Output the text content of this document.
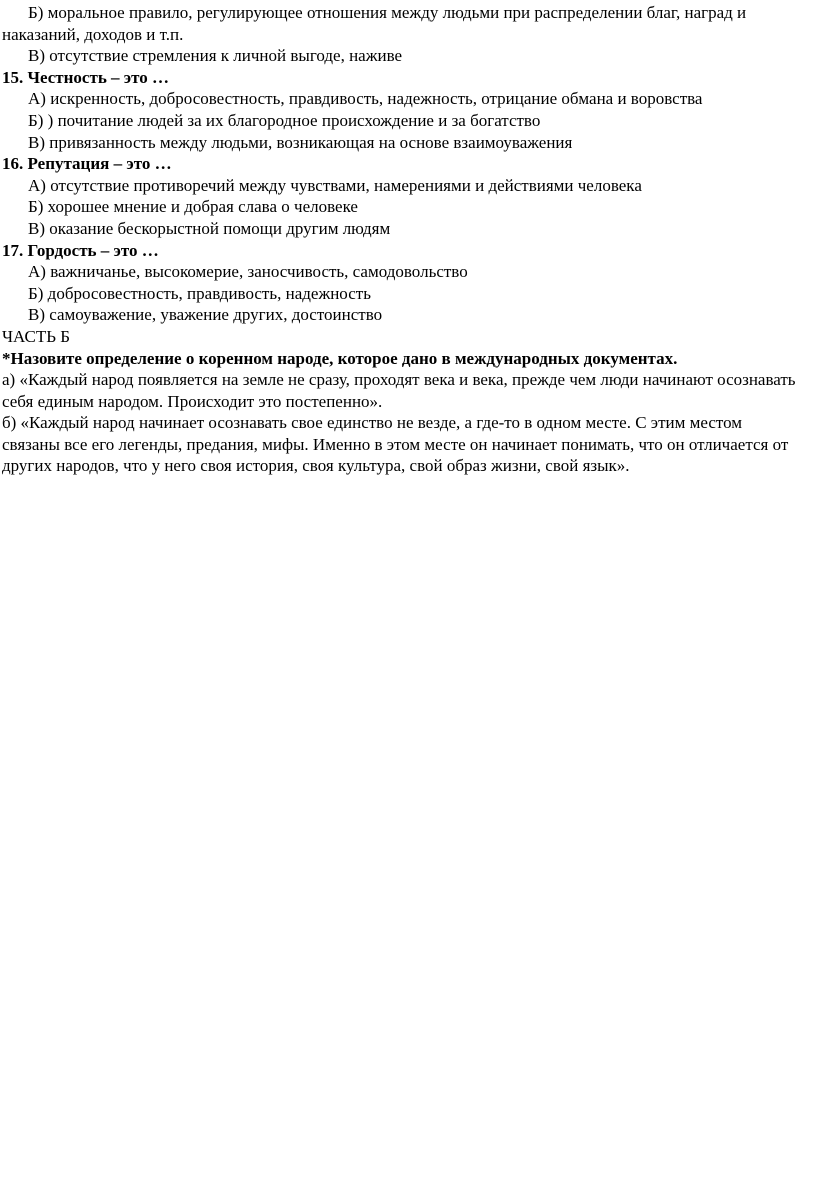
Б) моральное правило, регулирующее отношения между людьми при распределении благ, наград и наказаний, доходов и т.п.

В) отсутствие стремления к личной выгоде, наживе

15. Честность – это …

А) искренность, добросовестность, правдивость, надежность, отрицание обмана и воровства

Б) ) почитание людей за их благородное происхождение и за богатство

В) привязанность между людьми, возникающая на основе взаимоуважения

16. Репутация – это …

А) отсутствие противоречий между чувствами, намерениями и действиями человека

Б) хорошее мнение и добрая слава о человеке

В) оказание бескорыстной помощи другим людям

17. Гордость – это …

А) важничанье, высокомерие, заносчивость, самодовольство

Б) добросовестность, правдивость, надежность

В) самоуважение, уважение других, достоинство

ЧАСТЬ Б

*Назовите определение о коренном народе, которое дано в международных документах.

а) «Каждый народ появляется на земле не сразу, проходят века и века, прежде чем люди начинают осознавать себя единым народом. Происходит это постепенно».

б) «Каждый народ начинает осознавать свое единство не везде, а где-то в одном месте. С этим местом связаны все его легенды, предания, мифы. Именно в этом месте он начинает понимать, что он отличается от других народов, что у него своя история, своя культура, свой образ жизни, свой язык».
